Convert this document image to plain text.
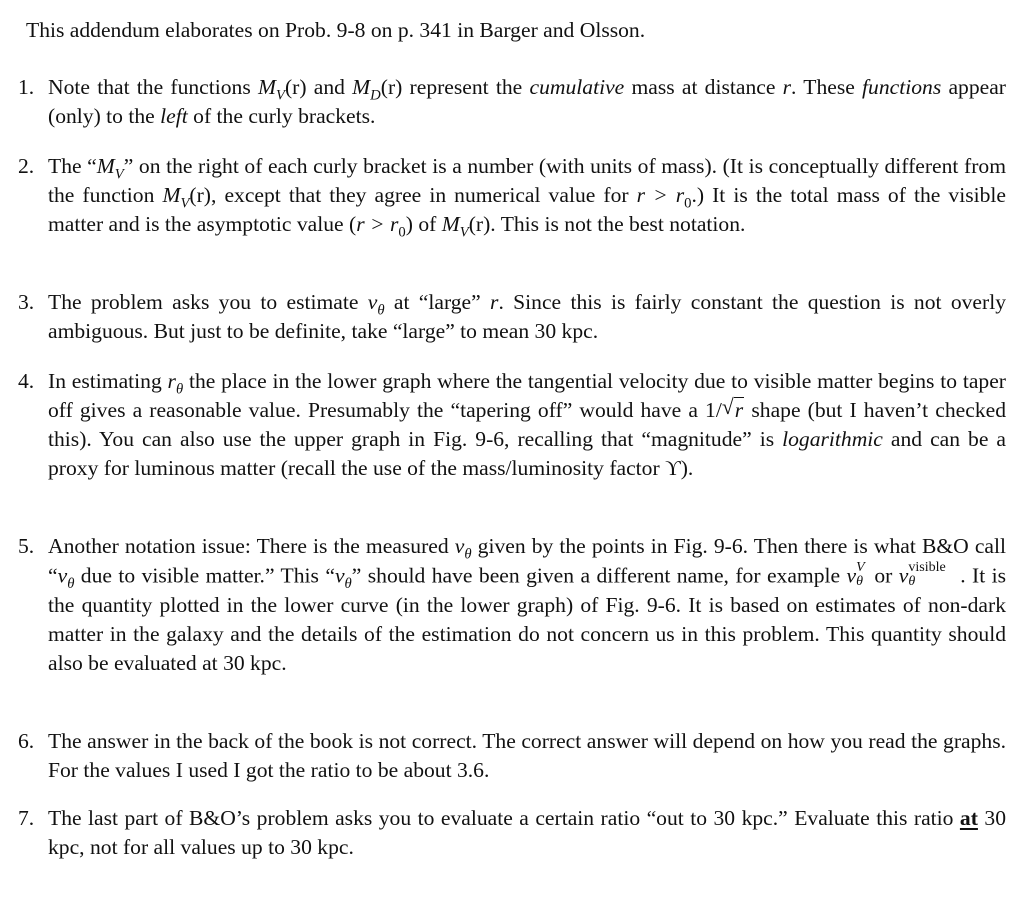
This addendum elaborates on Prob. 9-8 on p. 341 in Barger and Olsson.
1. Note that the functions $M_V(r)$ and $M_D(r)$ represent the cumulative mass at distance r. These functions appear (only) to the left of the curly brackets.
2. The “$M_V$” on the right of each curly bracket is a number (with units of mass). (It is conceptually different from the function $M_V(r)$, except that they agree in numerical value for $r > r_0$.) It is the total mass of the visible matter and is the asymptotic value $(r > r_0)$ of $M_V(r)$. This is not the best notation.
3. The problem asks you to estimate $v_\theta$ at “large” r. Since this is fairly constant the question is not overly ambiguous. But just to be definite, take “large” to mean 30 kpc.
4. In estimating $r_\theta$ the place in the lower graph where the tangential velocity due to visible matter begins to taper off gives a reasonable value. Presumably the “tapering off” would have a 1/ √ r shape (but I haven’t checked this). You can also use the upper graph in Fig. 9-6, recalling that “magnitude” is logarithmic and can be a proxy for luminous matter (recall the use of the mass/luminosity factor ϒ).
5. Another notation issue: There is the measured $v_\theta$ given by the points in Fig. 9-6. Then there is what B&O call “$v_\theta$ due to visible matter.” This “$v_\theta$” should have been given a different name, for example v V
θ or v visible
θ . It is the quantity plotted in the lower curve (in the lower graph) of Fig. 9-6. It is based on estimates of non-dark matter in the galaxy and the details of the estimation do not concern us in this problem. This quantity should also be evaluated at 30 kpc.
6. The answer in the back of the book is not correct. The correct answer will depend on how you read the graphs. For the values I used I got the ratio to be about 3.6.
7. The last part of B&O’s problem asks you to evaluate a certain ratio “out to 30 kpc.” Evaluate this ratio at 30 kpc, not for all values up to 30 kpc.
